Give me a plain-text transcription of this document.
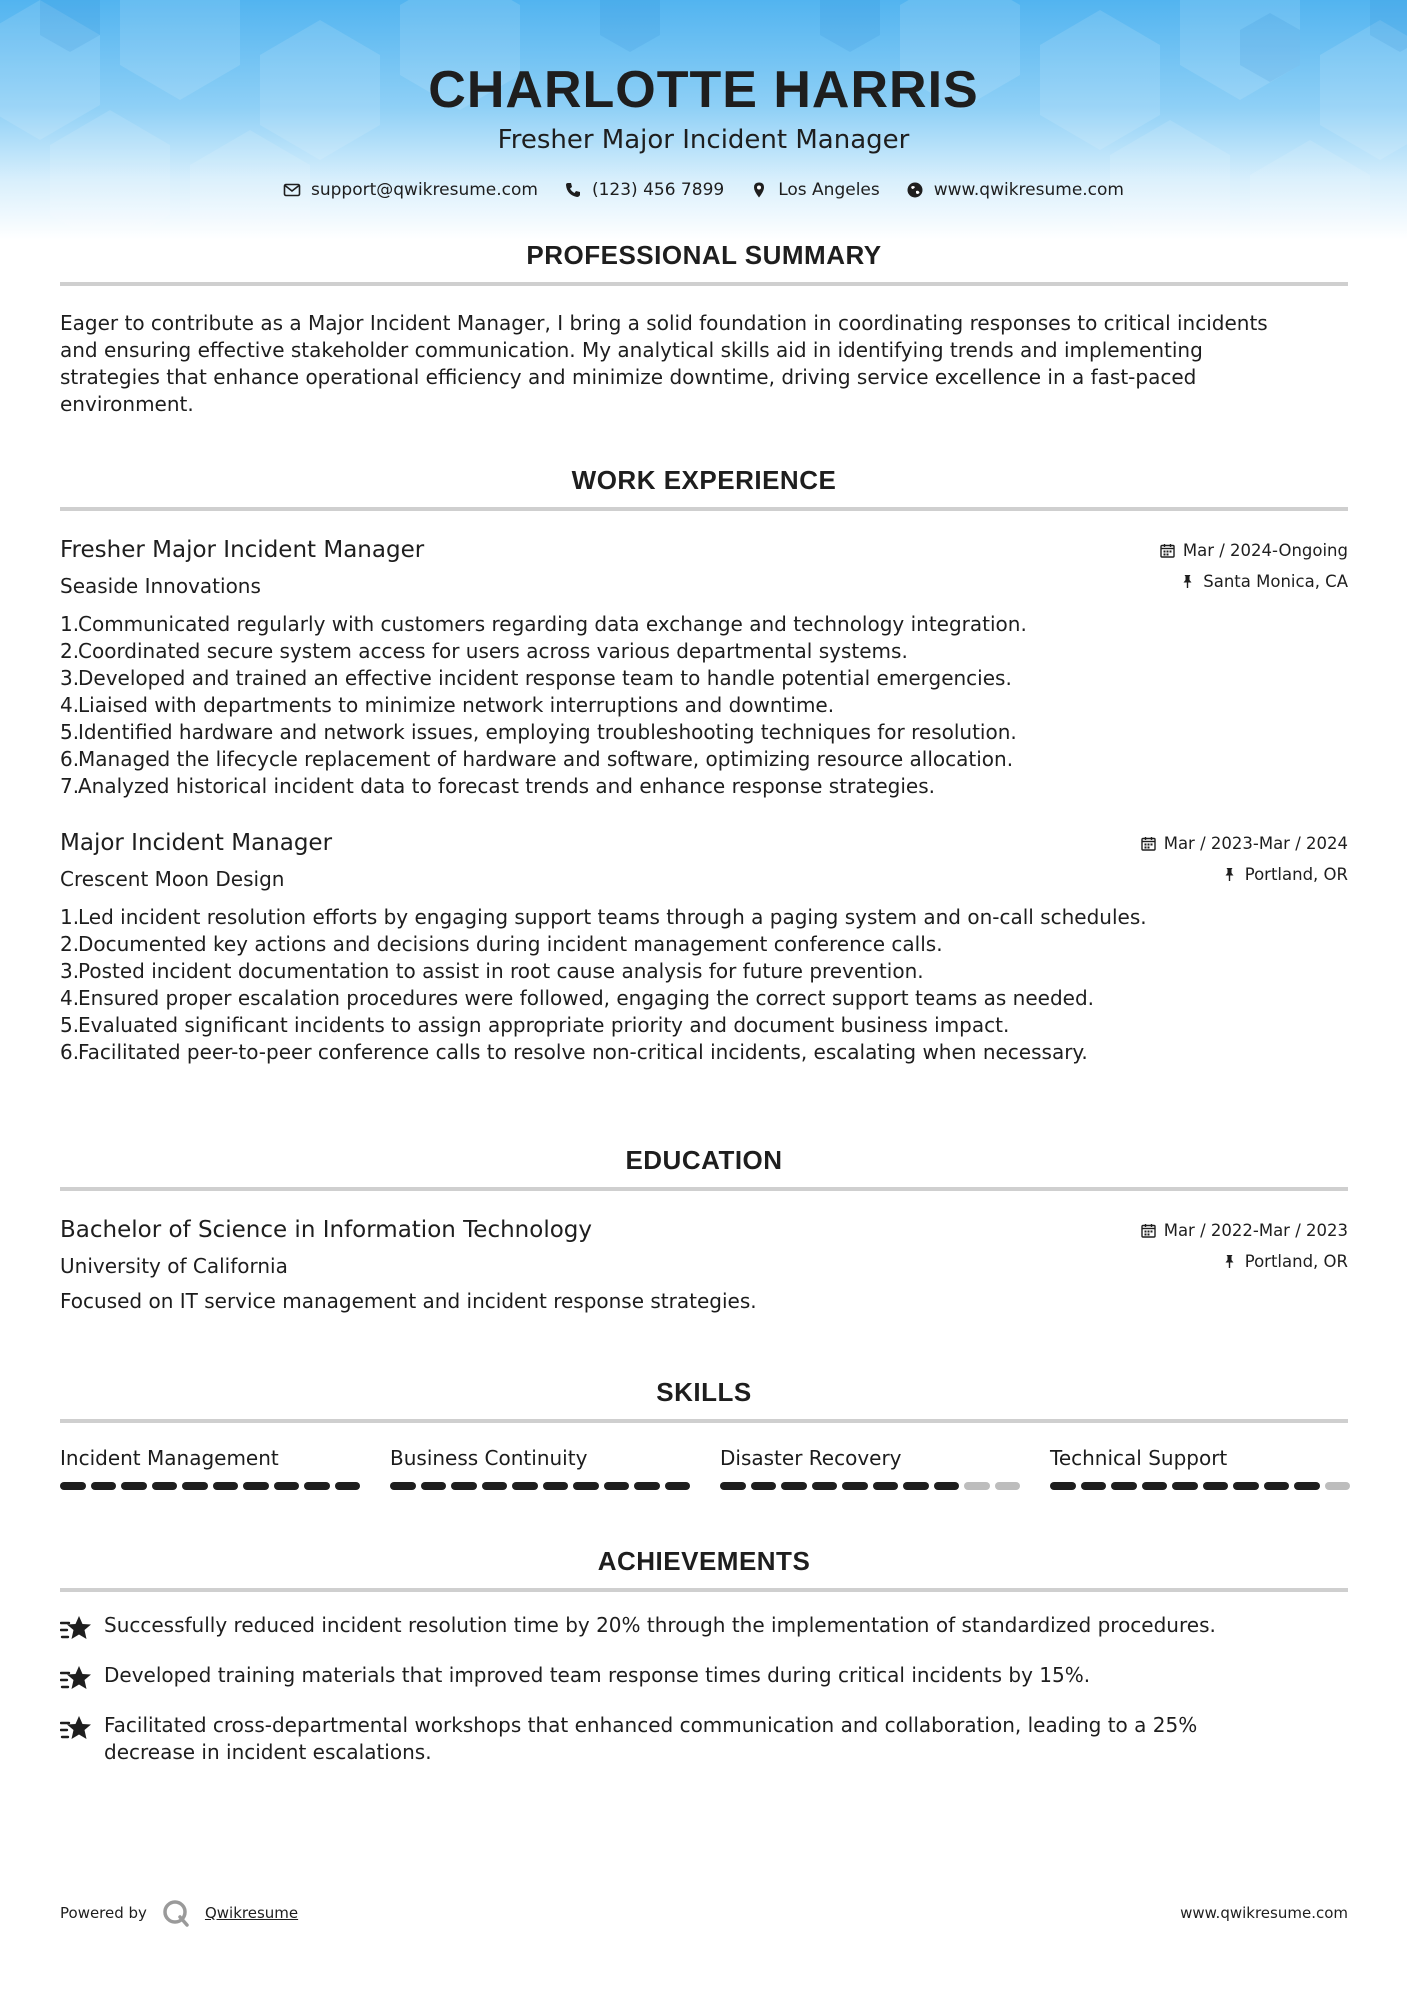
CHARLOTTE HARRIS
Fresher Major Incident Manager
support@qwikresume.com	(123) 456 7899	Los Angeles	www.qwikresume.com
PROFESSIONAL SUMMARY
Eager to contribute as a Major Incident Manager, I bring a solid foundation in coordinating responses to critical incidents
and ensuring effective stakeholder communication. My analytical skills aid in identifying trends and implementing
strategies that enhance operational efficiency and minimize downtime, driving service excellence in a fast-paced
environment.
WORK EXPERIENCE
Fresher Major Incident Manager
Seaside Innovations
Mar / 2024-Ongoing
Santa Monica, CA
1.
Communicated regularly with customers regarding data exchange and technology integration.
2.
Coordinated secure system access for users across various departmental systems.
3.
Developed and trained an effective incident response team to handle potential emergencies.
4.
Liaised with departments to minimize network interruptions and downtime.
5.
Identified hardware and network issues, employing troubleshooting techniques for resolution.
6.
Managed the lifecycle replacement of hardware and software, optimizing resource allocation.
7.
Analyzed historical incident data to forecast trends and enhance response strategies.
Major Incident Manager
Crescent Moon Design
Mar / 2023-Mar / 2024
Portland, OR
1.
Led incident resolution efforts by engaging support teams through a paging system and on-call schedules.
2.
Documented key actions and decisions during incident management conference calls.
3.
Posted incident documentation to assist in root cause analysis for future prevention.
4.
Ensured proper escalation procedures were followed, engaging the correct support teams as needed.
5.
Evaluated significant incidents to assign appropriate priority and document business impact.
6.
Facilitated peer-to-peer conference calls to resolve non-critical incidents, escalating when necessary.
EDUCATION
Bachelor of Science in Information Technology
University of California
Mar / 2022-Mar / 2023
Portland, OR
Focused on IT service management and incident response strategies.
SKILLS
Incident Management	Business Continuity	Disaster Recovery	Technical Support
ACHIEVEMENTS
Successfully reduced incident resolution time by 20% through the implementation of standardized procedures.
Developed training materials that improved team response times during critical incidents by 15%.
Facilitated cross-departmental workshops that enhanced communication and collaboration, leading to a 25%
decrease in incident escalations.
Powered by	Qwikresume	www.qwikresume.com
